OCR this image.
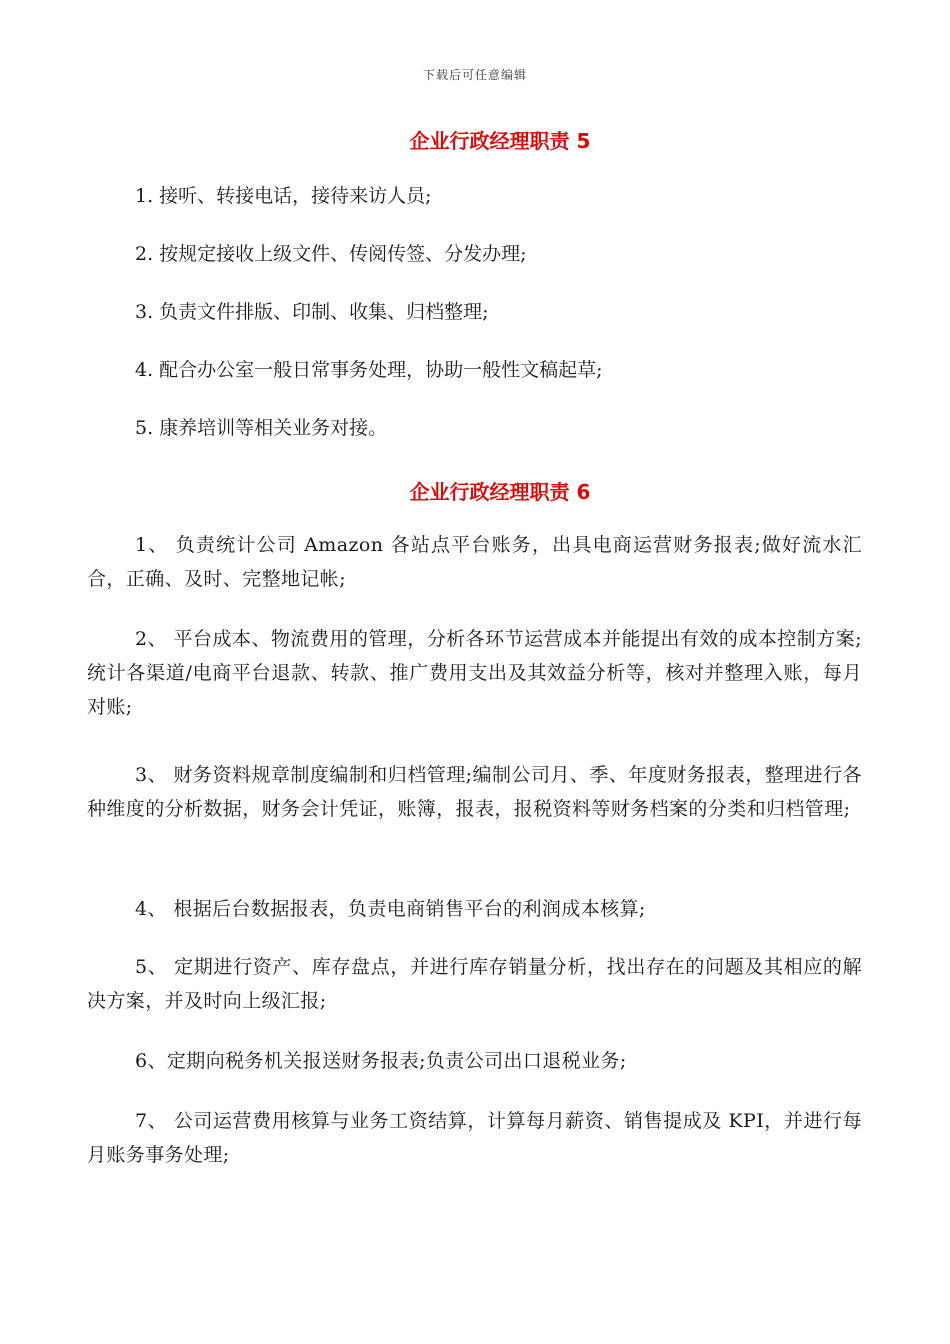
下载后可任意编辑
企业行政经理职责 5
1. 接听、转接电话，接待来访人员;
2. 按规定接收上级文件、传阅传签、分发办理;
3. 负责文件排版、印制、收集、归档整理;
4. 配合办公室一般日常事务处理，协助一般性文稿起草;
5. 康养培训等相关业务对接。
企业行政经理职责 6
1、 负责统计公司 Amazon 各站点平台账务，出具电商运营财务报表;做好流水汇合，正确、及时、完整地记帐;
2、 平台成本、物流费用的管理，分析各环节运营成本并能提出有效的成本控制方案;统计各渠道/电商平台退款、转款、推广费用支出及其效益分析等，核对并整理入账，每月对账;
3、 财务资料规章制度编制和归档管理;编制公司月、季、年度财务报表，整理进行各种维度的分析数据，财务会计凭证，账簿，报表，报税资料等财务档案的分类和归档管理;
4、 根据后台数据报表，负责电商销售平台的利润成本核算;
5、 定期进行资产、库存盘点，并进行库存销量分析，找出存在的问题及其相应的解决方案，并及时向上级汇报;
6、定期向税务机关报送财务报表;负责公司出口退税业务;
7、 公司运营费用核算与业务工资结算，计算每月薪资、销售提成及 KPI，并进行每月账务事务处理;
